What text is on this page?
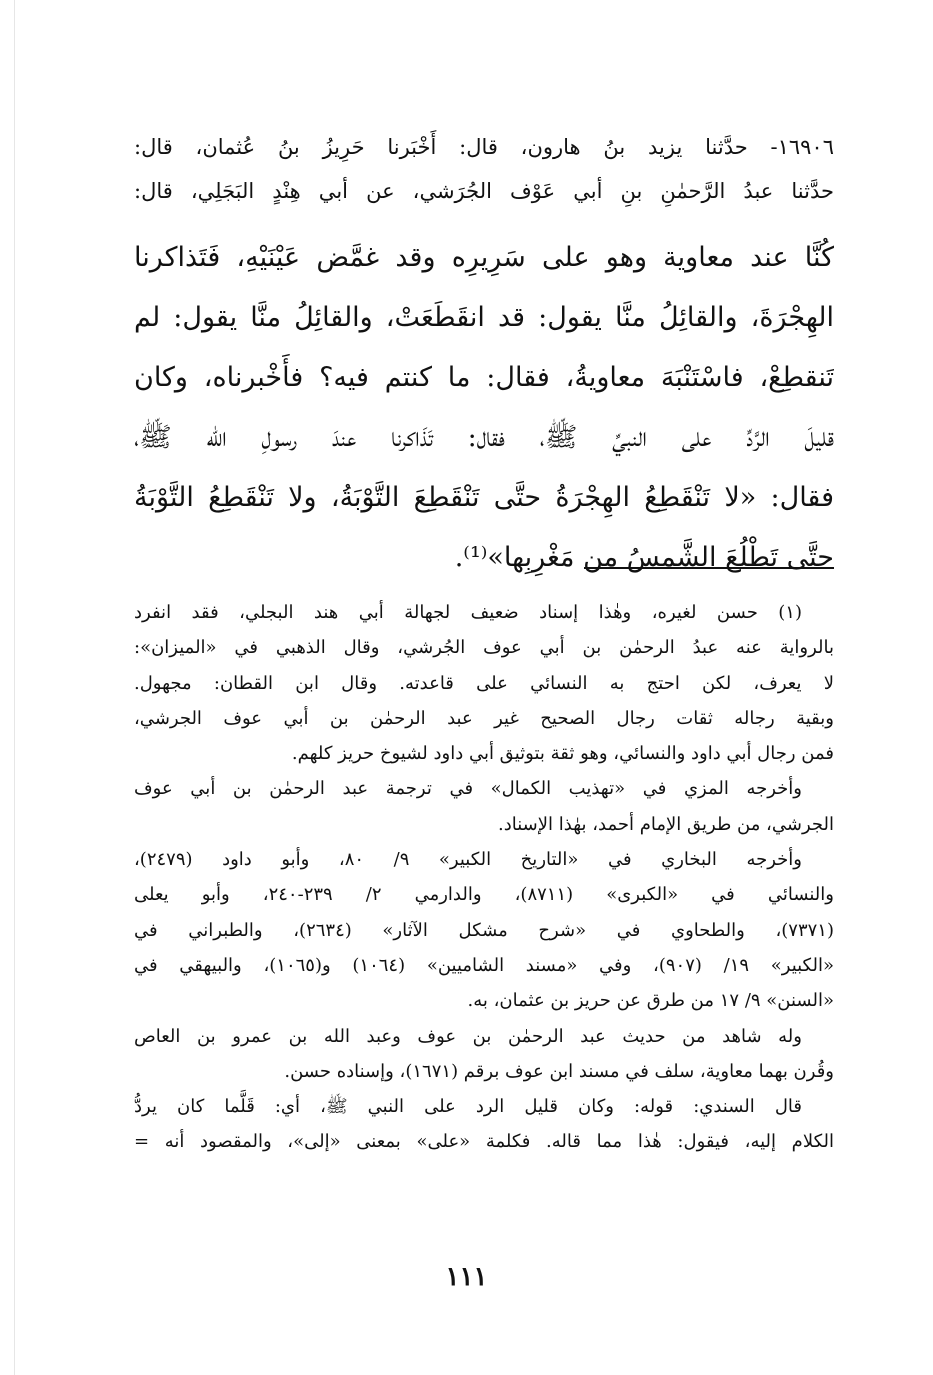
١٦٩٠٦- حدَّثنا يزيد بنُ هارون، قال: أَخْبَرنا حَرِيزُ بنُ عُثمان، قال:
حدَّثنا عبدُ الرَّحمٰنِ بنِ أبي عَوْف الجُرَشي، عن أبي هِنْدٍ البَجَلِي، قال:
كُنَّا عند معاوية وهو على سَرِيرِه وقد غمَّض عَيْنَيْهِ، فَتَذاكرنا
الهِجْرَةَ، والقائِلُ منَّا يقول: قد انقَطَعَتْ، والقائِلُ منَّا يقول: لم
تَنقطِعْ، فاسْتَنْبَهَ معاويةُ، فقال: ما كنتم فيه؟ فأَخْبرناه، وكان
قليلَ الرَّدِّ على النبيِّ ﷺ، فقال: تَذَاكرنا عندَ رسولِ الله ﷺ،
فقال: «لا تَنْقَطِعُ الهِجْرَةُ حتَّى تَنْقَطِعَ التَّوْبَةُ، ولا تَنْقَطِعُ التَّوْبَةُ
حتَّى تَطْلُعَ الشَّمسُ من مَغْرِبِها»⁽¹⁾.
(١) حسن لغيره، وهٰذا إسناد ضعيف لجهالة أبي هند البجلي، فقد انفرد
بالرواية عنه عبدُ الرحمٰن بن أبي عوف الجُرشي، وقال الذهبي في «الميزان»:
لا يعرف، لكن احتج به النسائي على قاعدته. وقال ابن القطان: مجهول.
وبقية رجاله ثقات رجال الصحيح غير عبد الرحمٰن بن أبي عوف الجرشي،
فمن رجال أبي داود والنسائي، وهو ثقة بتوثيق أبي داود لشيوخ حريز كلهم.
وأخرجه المزي في «تهذيب الكمال» في ترجمة عبد الرحمٰن بن أبي عوف
الجرشي، من طريق الإمام أحمد، بهٰذا الإسناد.
وأخرجه البخاري في «التاريخ الكبير» ٩/ ٨٠، وأبو داود (٢٤٧٩)،
والنسائي في «الكبرى» (٨٧١١)، والدارمي ٢/ ٢٣٩-٢٤٠، وأبو يعلى
(٧٣٧١)، والطحاوي في «شرح مشكل الآثار» (٢٦٣٤)، والطبراني في
«الكبير» ١٩/ (٩٠٧)، وفي «مسند الشاميين» (١٠٦٤) و(١٠٦٥)، والبيهقي في
«السنن» ٩/ ١٧ من طرق عن حريز بن عثمان، به.
وله شاهد من حديث عبد الرحمٰن بن عوف وعبد الله بن عمرو بن العاص
وقُرن بهما معاوية، سلف في مسند ابن عوف برقم (١٦٧١)، وإسناده حسن.
قال السندي: قوله: وكان قليل الرد على النبي ﷺ، أي: قَلَّما كان يردُّ
الكلام إليه، فيقول: هٰذا مما قاله. فكلمة «على» بمعنى «إلى»، والمقصود أنه =
١١١
